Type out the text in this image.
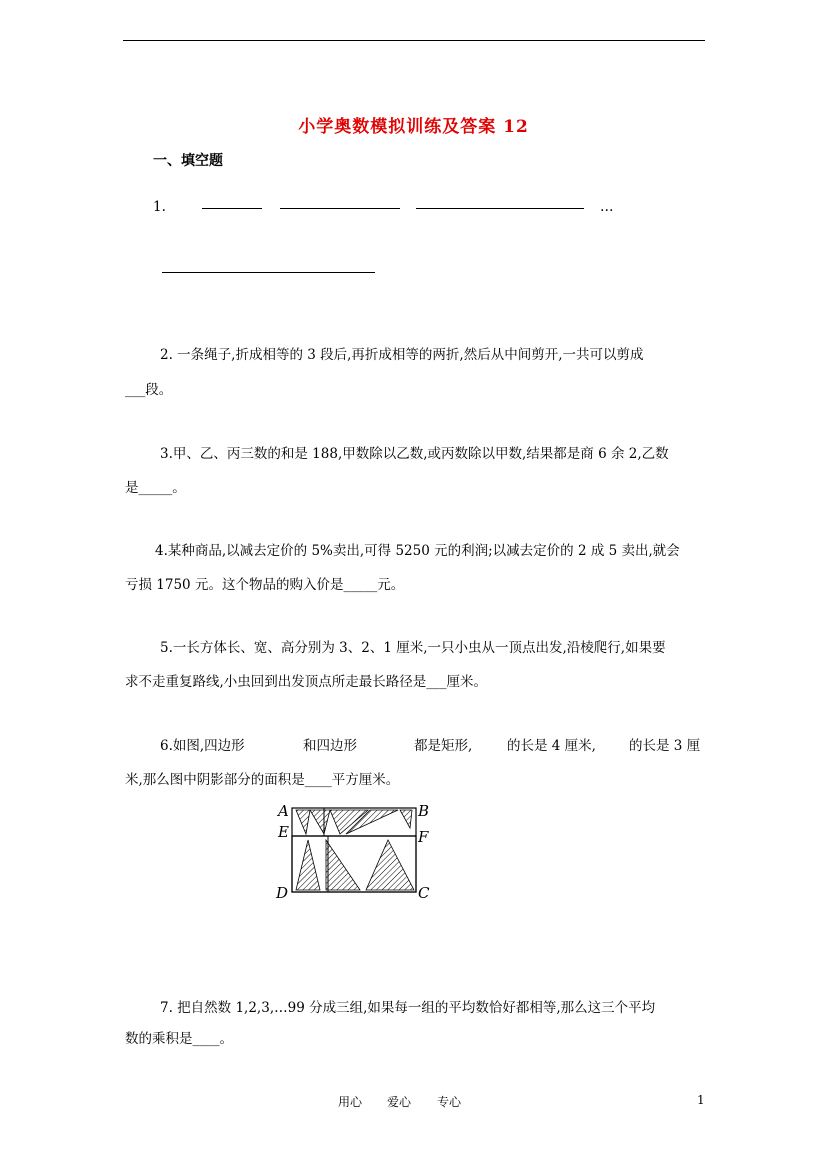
小学奥数模拟训练及答案 12
一、填空题
1.	…
2. 一条绳子,折成相等的 3 段后,再折成相等的两折,然后从中间剪开,一共可以剪成
___段。
3.甲、乙、丙三数的和是 188,甲数除以乙数,或丙数除以甲数,结果都是商 6 余 2,乙数
是_____。
4.某种商品,以减去定价的 5%卖出,可得 5250 元的利润;以减去定价的 2 成 5 卖出,就会
亏损 1750 元。这个物品的购入价是_____元。
5.一长方体长、宽、高分别为 3、2、1 厘米,一只小虫从一顶点出发,沿棱爬行,如果要
求不走重复路线,小虫回到出发顶点所走最长路径是___厘米。
6.如图,四边形	和四边形	都是矩形,	的长是 4 厘米, 的长是 3 厘
米,那么图中阴影部分的面积是____平方厘米。
A	B
E	F
D	C
7. 把自然数 1,2,3,…99 分成三组,如果每一组的平均数恰好都相等,那么这三个平均
数的乘积是____。
用心 爱心 专心	1
